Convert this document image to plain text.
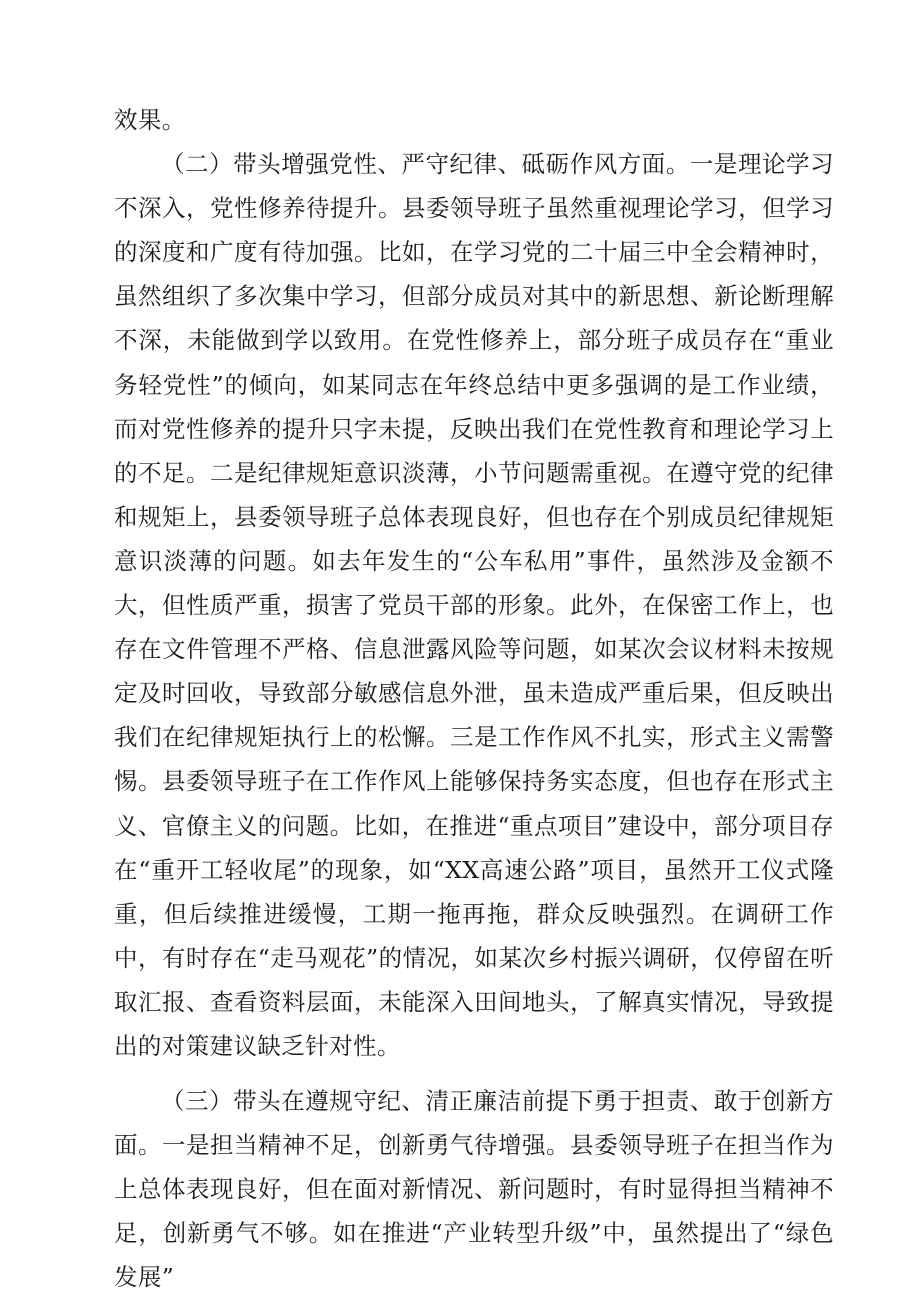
效果。

（二）带头增强党性、严守纪律、砥砺作风方面。一是理论学习不深入，党性修养待提升。县委领导班子虽然重视理论学习，但学习的深度和广度有待加强。比如，在学习党的二十届三中全会精神时，虽然组织了多次集中学习，但部分成员对其中的新思想、新论断理解不深，未能做到学以致用。在党性修养上，部分班子成员存在“重业务轻党性”的倾向，如某同志在年终总结中更多强调的是工作业绩，而对党性修养的提升只字未提，反映出我们在党性教育和理论学习上的不足。二是纪律规矩意识淡薄，小节问题需重视。在遵守党的纪律和规矩上，县委领导班子总体表现良好，但也存在个别成员纪律规矩意识淡薄的问题。如去年发生的“公车私用”事件，虽然涉及金额不大，但性质严重，损害了党员干部的形象。此外，在保密工作上，也存在文件管理不严格、信息泄露风险等问题，如某次会议材料未按规定及时回收，导致部分敏感信息外泄，虽未造成严重后果，但反映出我们在纪律规矩执行上的松懈。三是工作作风不扎实，形式主义需警惕。县委领导班子在工作作风上能够保持务实态度，但也存在形式主义、官僚主义的问题。比如，在推进“重点项目”建设中，部分项目存在“重开工轻收尾”的现象，如“XX高速公路”项目，虽然开工仪式隆重，但后续推进缓慢，工期一拖再拖，群众反映强烈。在调研工作中，有时存在“走马观花”的情况，如某次乡村振兴调研，仅停留在听取汇报、查看资料层面，未能深入田间地头，了解真实情况，导致提出的对策建议缺乏针对性。

（三）带头在遵规守纪、清正廉洁前提下勇于担责、敢于创新方面。一是担当精神不足，创新勇气待增强。县委领导班子在担当作为上总体表现良好，但在面对新情况、新问题时，有时显得担当精神不足，创新勇气不够。如在推进“产业转型升级”中，虽然提出了“绿色发展”
